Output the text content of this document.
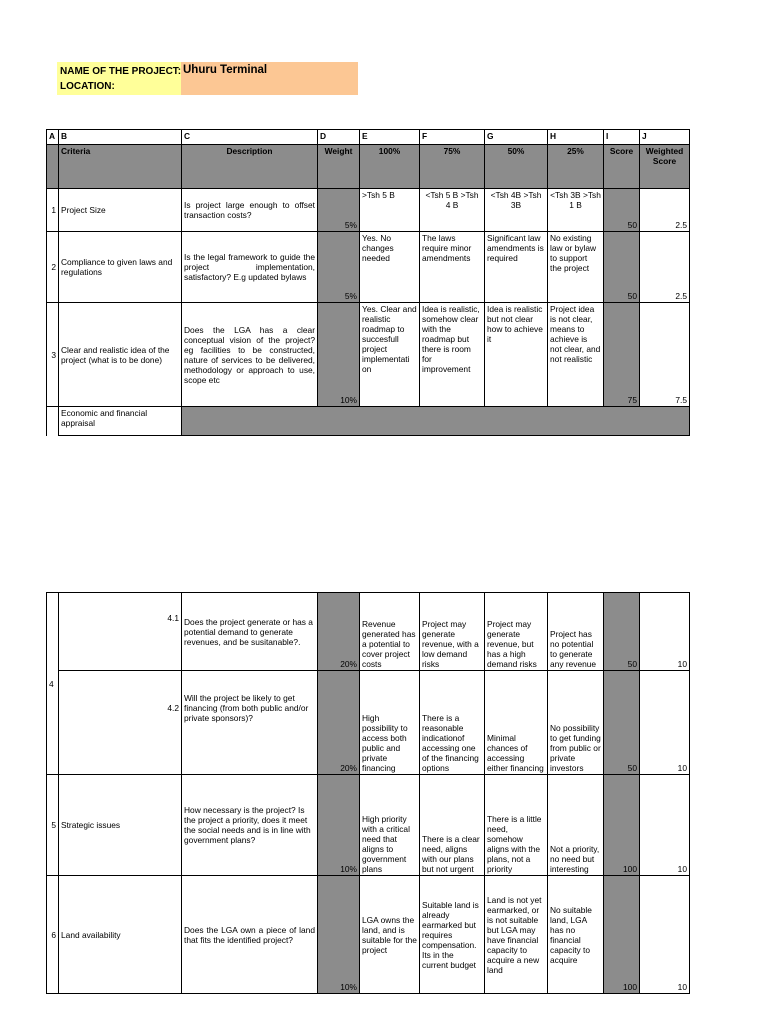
NAME OF THE PROJECT: Uhuru Terminal
LOCATION:
A	B	C	D	E	F	G	H	I	J
	Criteria	Description	Weight	100%	75%	50%	25%	Score	Weighted Score
1	Project Size	Is project large enough to offset transaction costs?	5%	>Tsh 5 B	<Tsh 5 B >Tsh 4 B	<Tsh 4B >Tsh 3B	<Tsh 3B >Tsh 1 B	50	2.5
2	Compliance to given laws and regulations	Is the legal framework to guide the project implementation, satisfactory? E.g updated bylaws	5%	Yes. No changes needed	The laws require minor amendments	Significant law amendments is required	No existing law or bylaw to support the project	50	2.5
3	Clear and realistic idea of the project (what is to be done)	Does the LGA has a clear conceptual vision of the project? eg facilities to be constructed, nature of services to be delivered, methodology or approach to use, scope etc	10%	Yes. Clear and realistic roadmap to succesfull project implementati on	Idea is realistic, somehow clear with the roadmap but there is room for improvement	Idea is realistic but not clear how to achieve it	Project idea is not clear, means to achieve is not clear, and not realistic	75	7.5
	Economic and financial appraisal								
4	4.1	Does the project generate or has a potential demand to generate revenues, and be susitanable?.	20%	Revenue generated has a potential to cover project costs	Project may generate revenue, with a low demand risks	Project may generate revenue, but has a high demand risks	Project has no potential to generate any revenue	50	10
	4.2	Will the project be likely to get financing (from both public and/or private sponsors)?	20%	High possibility to access both public and private financing	There is a reasonable indicationof accessing one of the financing options	Minimal chances of accessing either financing	No possibility to get funding from public or private investors	50	10
5	Strategic issues	How necessary is the project? Is the project a priority, does it meet the social needs and is in line with government plans?	10%	High priority with a critical need that aligns to government plans	There is a clear need, aligns with our plans but not urgent	There is a little need, somehow aligns with the plans, not a priority	Not a priority, no need but interesting	100	10
6	Land availability	Does the LGA own a piece of land that fits the identified project?	10%	LGA owns the land, and is suitable for the project	Suitable land is already earmarked but requires compensation. Its in the current budget	Land is not yet earmarked, or is not suitable but LGA may have financial capacity to acquire a new land	No suitable land, LGA has no financial capacity to acquire	100	10
